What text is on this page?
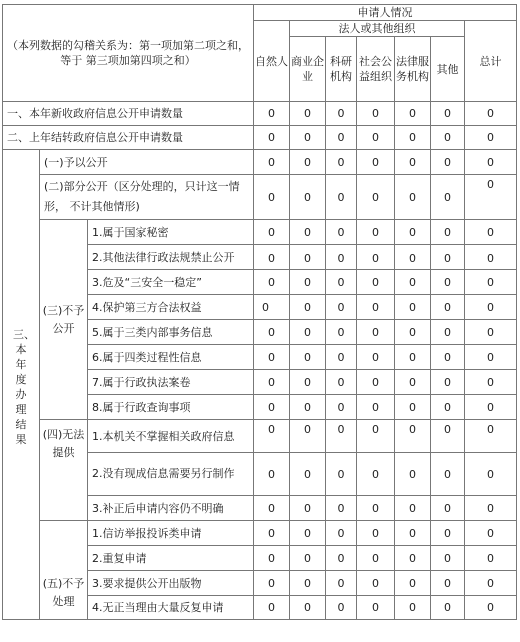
（本列数据的勾稽关系为：第一项加第二项之和，等于 第三项加第四项之和）			申请人情况						
			自然人	法人或其他组织					总计
				商业企业	科研机构	社会公益组织	法律服务机构	其他	
一、本年新收政府信息公开申请数量			0	0	0	0	0	0	0
二、上年结转政府信息公开申请数量			0	0	0	0	0	0	0

三、本年度办理结果	(一)予以公开		0	0	0	0	0	0	0
	(二)部分公开（区分处理的，只计这一情形， 不计其他情形)		0	0	0	0	0	0	0
	(三)不予公开	1.属于国家秘密	0	0	0	0	0	0	0
		2.其他法律行政法规禁止公开	0	0	0	0	0	0	0
		3.危及“三安全一稳定”	0	0	0	0	0	0	0
		4.保护第三方合法权益	0	0	0	0	0	0	0
		5.属于三类内部事务信息	0	0	0	0	0	0	0
		6.属于四类过程性信息	0	0	0	0	0	0	0
		7.属于行政执法案卷	0	0	0	0	0	0	0
		8.属于行政查询事项	0	0	0	0	0	0	0
	(四)无法提供	1.本机关不掌握相关政府信息	0	0	0	0	0	0	0
		2.没有现成信息需要另行制作	0	0	0	0	0	0	0
		3.补正后申请内容仍不明确	0	0	0	0	0	0	0
	(五)不予处理	1.信访举报投诉类申请	0	0	0	0	0	0	0
		2.重复申请	0	0	0	0	0	0	0
		3.要求提供公开出版物	0	0	0	0	0	0	0
		4.无正当理由大量反复申请	0	0	0	0	0	0	0
